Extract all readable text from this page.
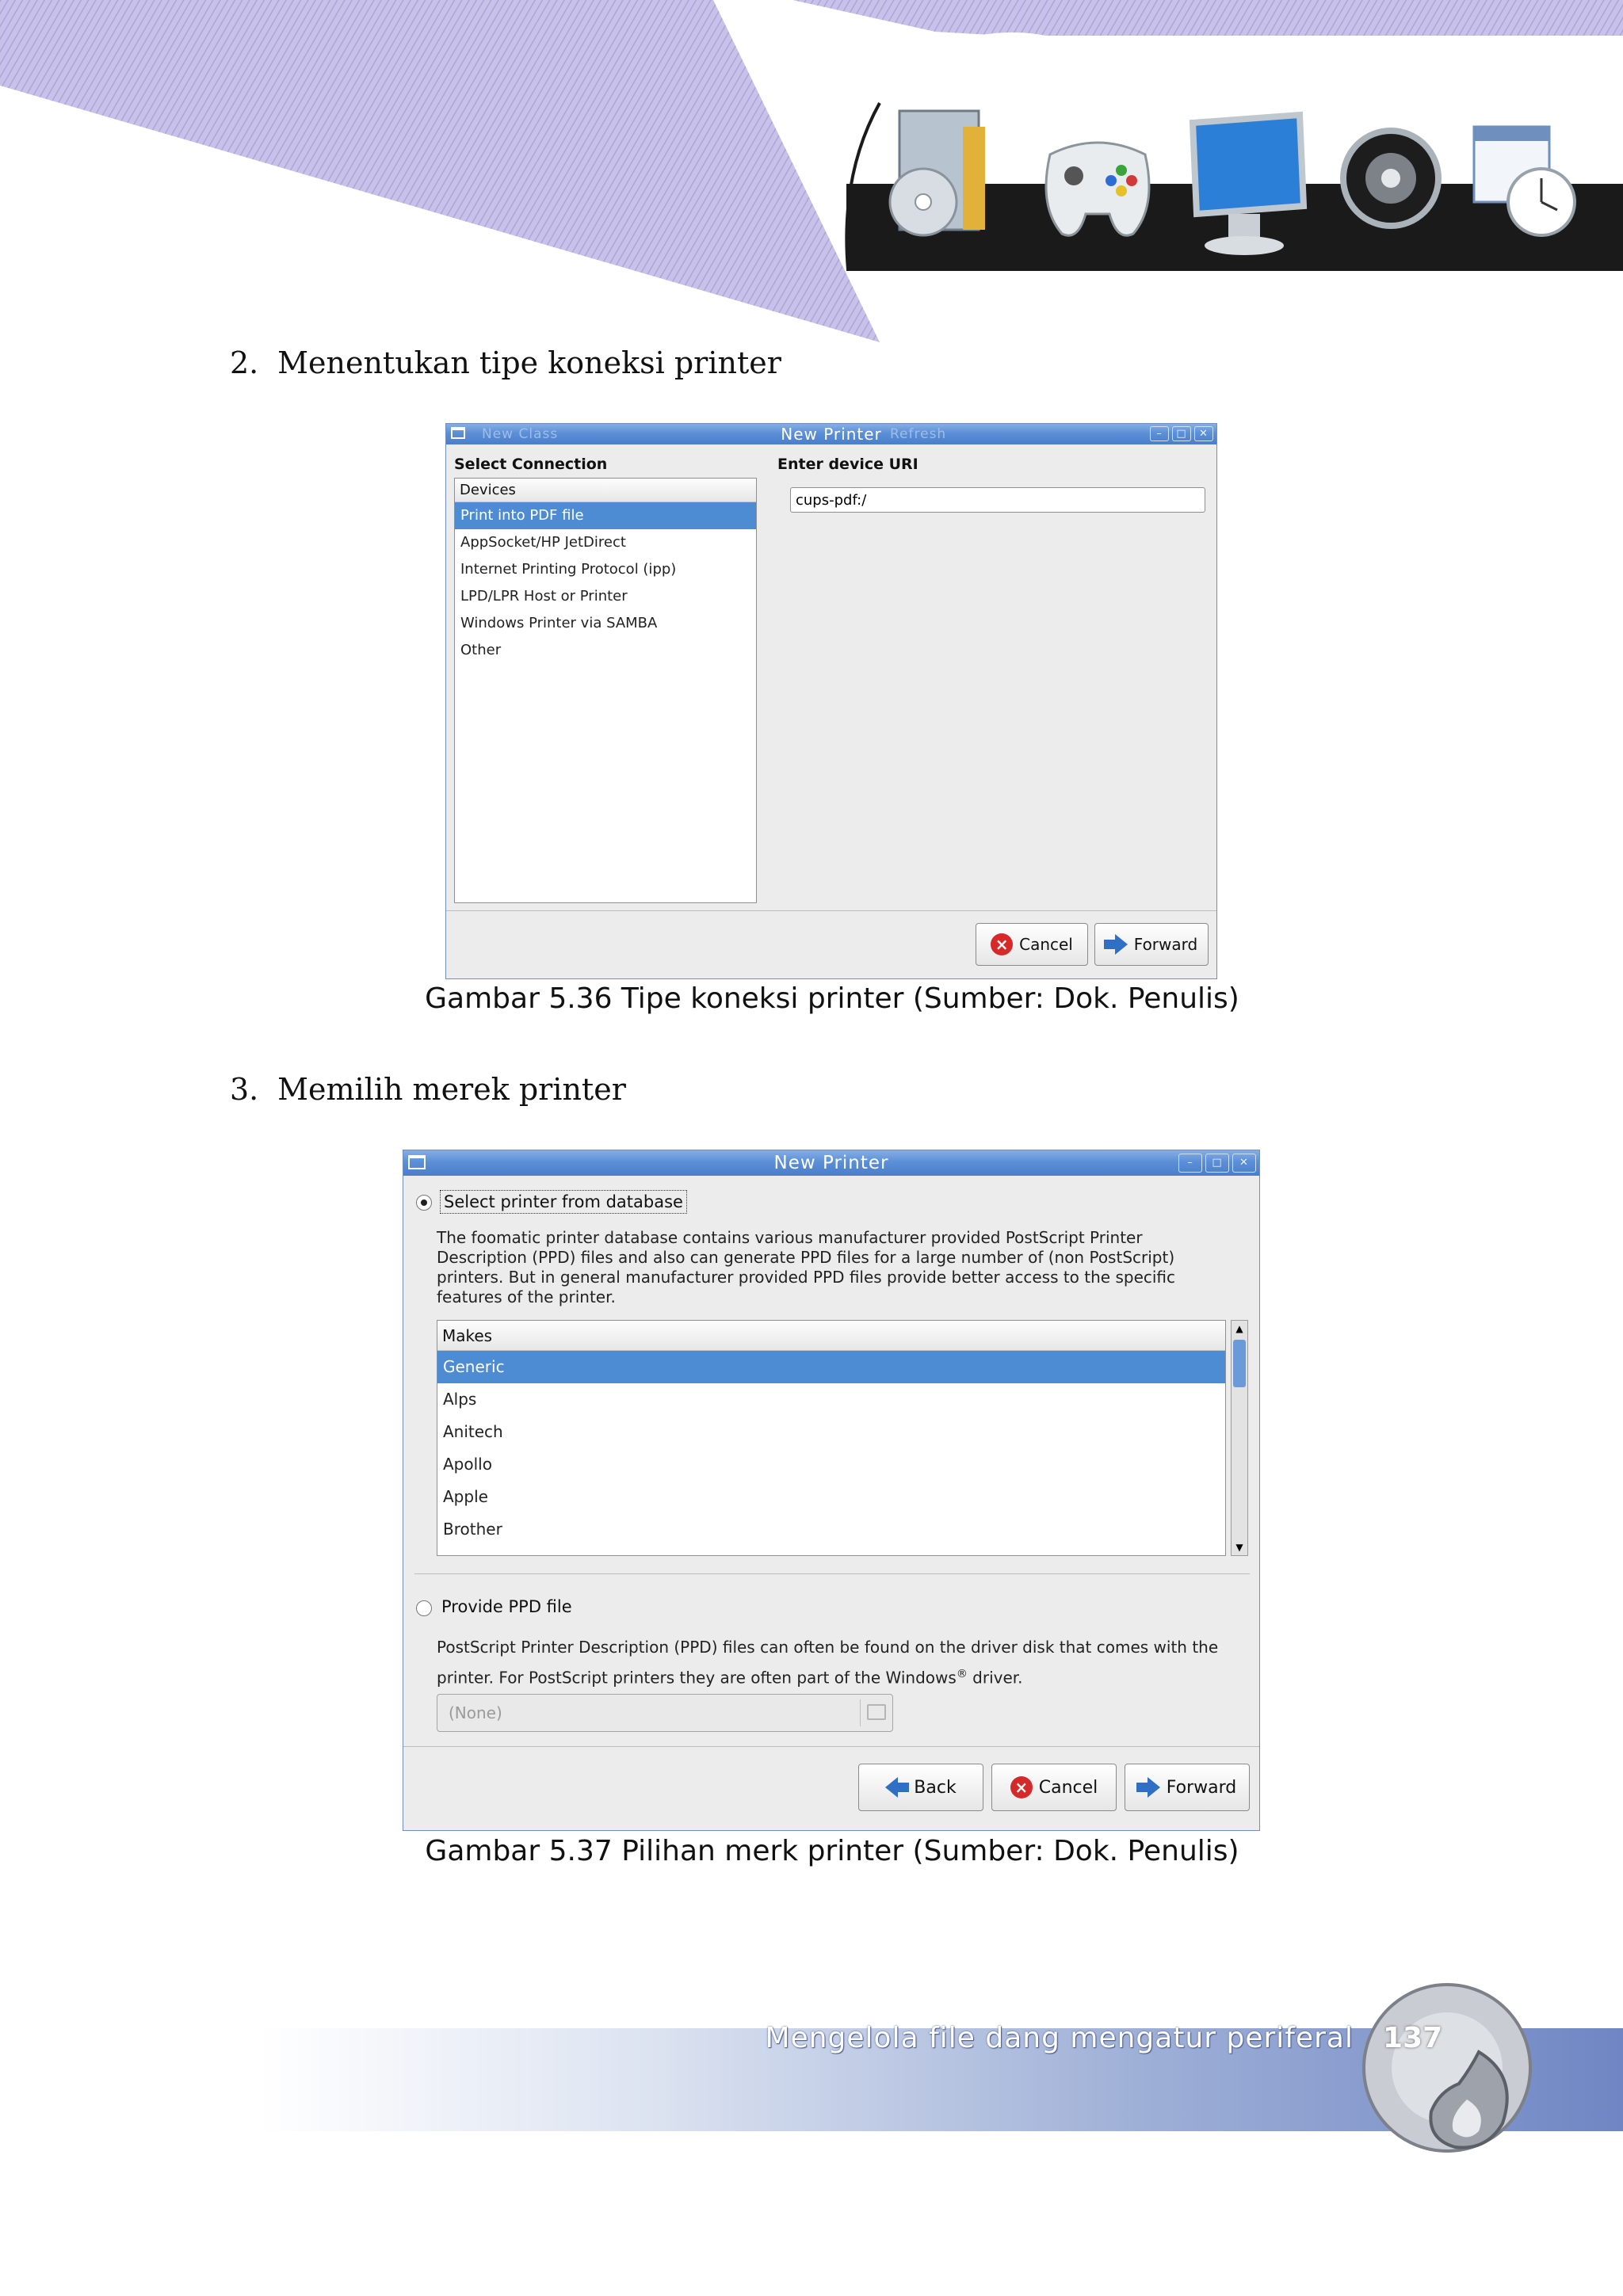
2. Menentukan tipe koneksi printer
New Class	New Printer Refresh	–	□	✕
Select Connection	Enter device URI
Devices
Print into PDF file
AppSocket/HP JetDirect
Internet Printing Protocol (ipp)
LPD/LPR Host or Printer
Windows Printer via SAMBA
Other
cups-pdf:/
× Cancel	Forward
Gambar 5.36 Tipe koneksi printer (Sumber: Dok. Penulis)
3. Memilih merek printer
New Printer	–	□	✕
Select printer from database
The foomatic printer database contains various manufacturer provided PostScript Printer Description (PPD) files and also can generate PPD files for a large number of (non PostScript) printers. But in general manufacturer provided PPD files provide better access to the specific features of the printer.
Makes
Generic
Alps
Anitech
Apollo
Apple
Brother
▲
▼
Provide PPD file
PostScript Printer Description (PPD) files can often be found on the driver disk that comes with the
printer. For PostScript printers they are often part of the Windows® driver.
(None)
Back	× Cancel	Forward
Gambar 5.37 Pilihan merk printer (Sumber: Dok. Penulis)
Mengelola file dang mengatur periferal 137
